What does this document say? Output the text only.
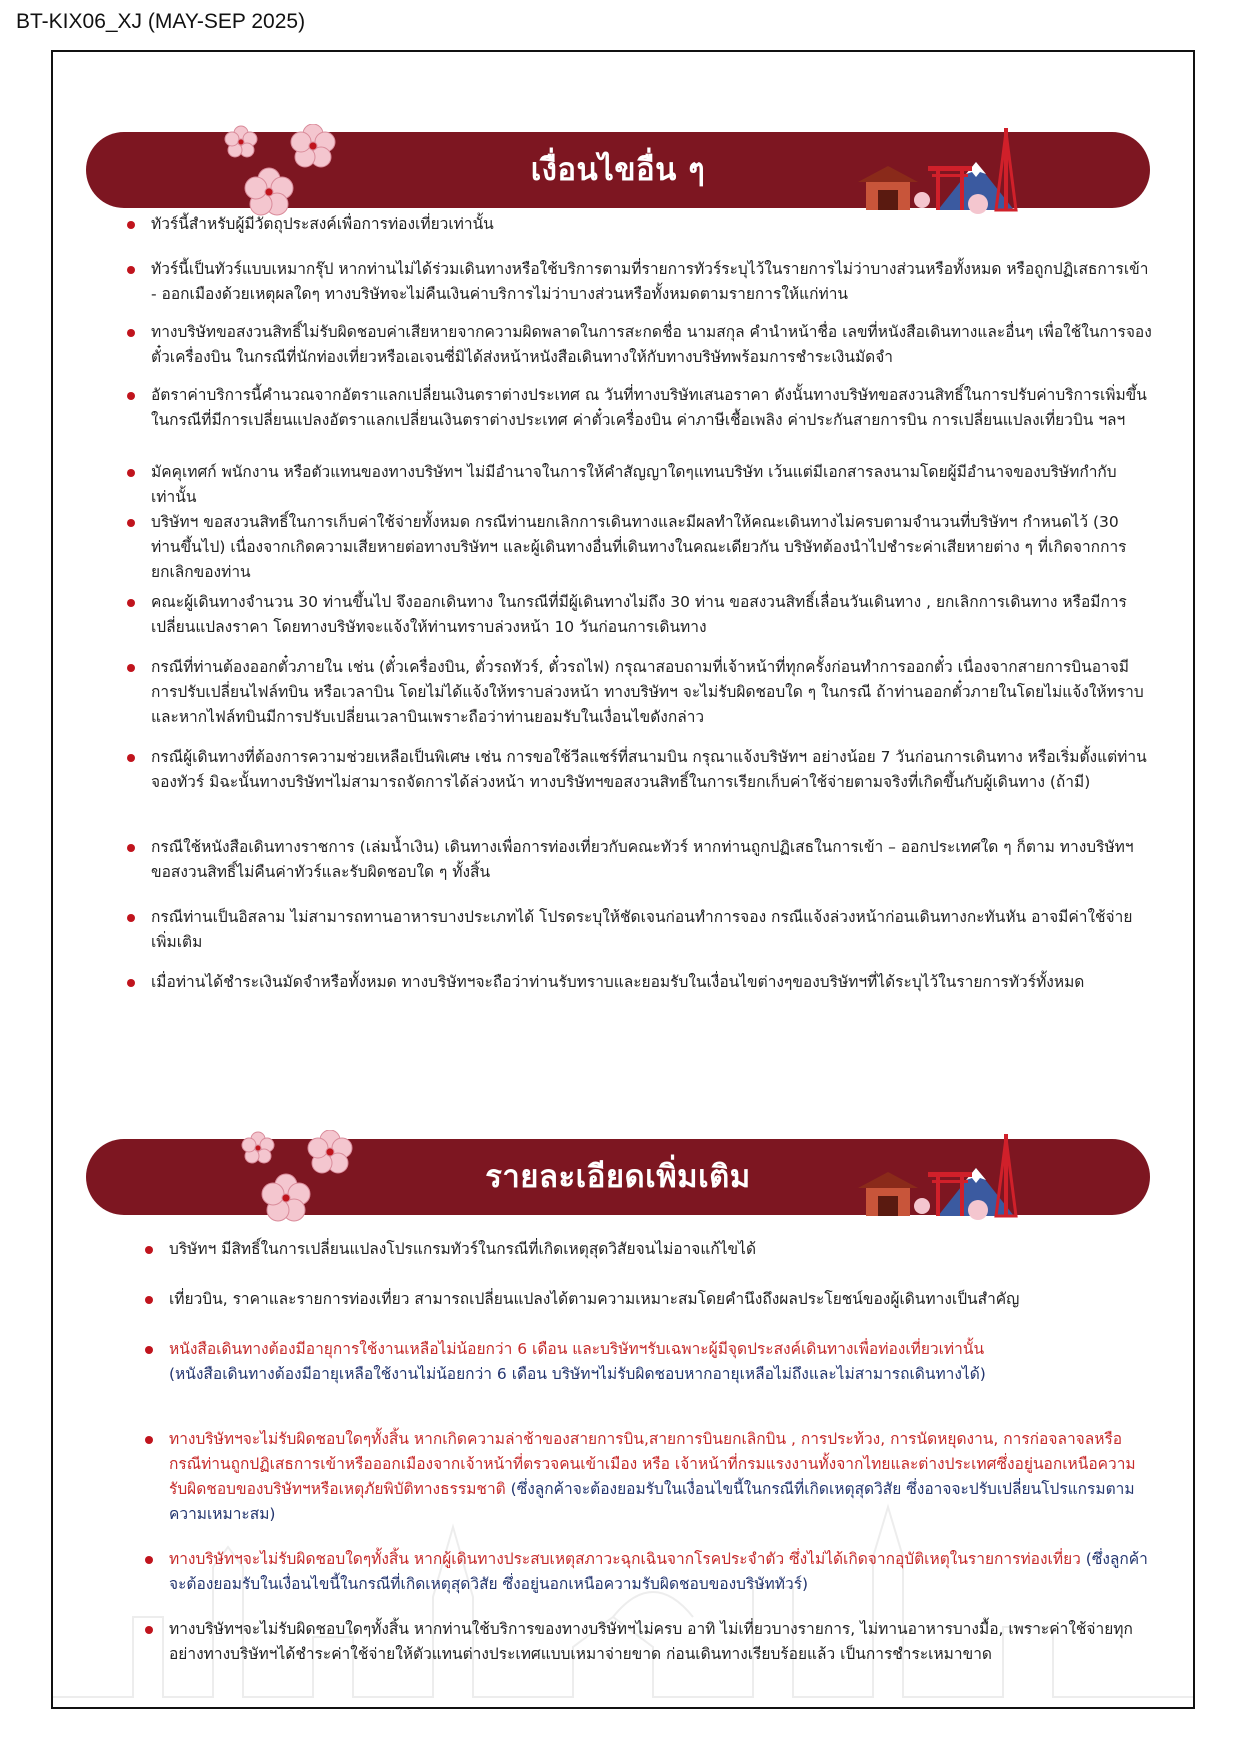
BT-KIX06_XJ (MAY-SEP 2025)
เงื่อนไขอื่น ๆ
ทัวร์นี้สำหรับผู้มีวัตถุประสงค์เพื่อการท่องเที่ยวเท่านั้น
ทัวร์นี้เป็นทัวร์แบบเหมากรุ๊ป หากท่านไม่ได้ร่วมเดินทางหรือใช้บริการตามที่รายการทัวร์ระบุไว้ในรายการไม่ว่าบางส่วนหรือทั้งหมด หรือถูกปฏิเสธการเข้า - ออกเมืองด้วยเหตุผลใดๆ ทางบริษัทจะไม่คืนเงินค่าบริการไม่ว่าบางส่วนหรือทั้งหมดตามรายการให้แก่ท่าน
ทางบริษัทขอสงวนสิทธิ์ไม่รับผิดชอบค่าเสียหายจากความผิดพลาดในการสะกดชื่อ นามสกุล คำนำหน้าชื่อ เลขที่หนังสือเดินทางและอื่นๆ เพื่อใช้ในการจองตั๋วเครื่องบิน ในกรณีที่นักท่องเที่ยวหรือเอเจนซี่มิได้ส่งหน้าหนังสือเดินทางให้กับทางบริษัทพร้อมการชำระเงินมัดจำ
อัตราค่าบริการนี้คำนวณจากอัตราแลกเปลี่ยนเงินตราต่างประเทศ ณ วันที่ทางบริษัทเสนอราคา ดังนั้นทางบริษัทขอสงวนสิทธิ์ในการปรับค่าบริการเพิ่มขึ้น ในกรณีที่มีการเปลี่ยนแปลงอัตราแลกเปลี่ยนเงินตราต่างประเทศ ค่าตั๋วเครื่องบิน ค่าภาษีเชื้อเพลิง ค่าประกันสายการบิน การเปลี่ยนแปลงเที่ยวบิน ฯลฯ
มัคคุเทศก์ พนักงาน หรือตัวแทนของทางบริษัทฯ ไม่มีอำนาจในการให้คำสัญญาใดๆแทนบริษัท เว้นแต่มีเอกสารลงนามโดยผู้มีอำนาจของบริษัทกำกับเท่านั้น
บริษัทฯ ขอสงวนสิทธิ์ในการเก็บค่าใช้จ่ายทั้งหมด กรณีท่านยกเลิกการเดินทางและมีผลทำให้คณะเดินทางไม่ครบตามจำนวนที่บริษัทฯ กำหนดไว้ (30 ท่านขึ้นไป) เนื่องจากเกิดความเสียหายต่อทางบริษัทฯ และผู้เดินทางอื่นที่เดินทางในคณะเดียวกัน บริษัทต้องนำไปชำระค่าเสียหายต่าง ๆ ที่เกิดจากการยกเลิกของท่าน
คณะผู้เดินทางจำนวน 30 ท่านขึ้นไป จึงออกเดินทาง ในกรณีที่มีผู้เดินทางไม่ถึง 30 ท่าน ขอสงวนสิทธิ์เลื่อนวันเดินทาง , ยกเลิกการเดินทาง หรือมีการเปลี่ยนแปลงราคา โดยทางบริษัทจะแจ้งให้ท่านทราบล่วงหน้า 10 วันก่อนการเดินทาง
กรณีที่ท่านต้องออกตั๋วภายใน เช่น (ตั๋วเครื่องบิน, ตั๋วรถทัวร์, ตั๋วรถไฟ) กรุณาสอบถามที่เจ้าหน้าที่ทุกครั้งก่อนทำการออกตั๋ว เนื่องจากสายการบินอาจมีการปรับเปลี่ยนไฟล์ทบิน หรือเวลาบิน โดยไม่ได้แจ้งให้ทราบล่วงหน้า ทางบริษัทฯ จะไม่รับผิดชอบใด ๆ ในกรณี ถ้าท่านออกตั๋วภายในโดยไม่แจ้งให้ทราบและหากไฟล์ทบินมีการปรับเปลี่ยนเวลาบินเพราะถือว่าท่านยอมรับในเงื่อนไขดังกล่าว
กรณีผู้เดินทางที่ต้องการความช่วยเหลือเป็นพิเศษ เช่น การขอใช้วีลแชร์ที่สนามบิน กรุณาแจ้งบริษัทฯ อย่างน้อย 7 วันก่อนการเดินทาง หรือเริ่มตั้งแต่ท่านจองทัวร์ มิฉะนั้นทางบริษัทฯไม่สามารถจัดการได้ล่วงหน้า ทางบริษัทฯขอสงวนสิทธิ์ในการเรียกเก็บค่าใช้จ่ายตามจริงที่เกิดขึ้นกับผู้เดินทาง (ถ้ามี)
กรณีใช้หนังสือเดินทางราชการ (เล่มน้ำเงิน) เดินทางเพื่อการท่องเที่ยวกับคณะทัวร์ หากท่านถูกปฏิเสธในการเข้า – ออกประเทศใด ๆ ก็ตาม ทางบริษัทฯ ขอสงวนสิทธิ์ไม่คืนค่าทัวร์และรับผิดชอบใด ๆ ทั้งสิ้น
กรณีท่านเป็นอิสลาม ไม่สามารถทานอาหารบางประเภทได้ โปรดระบุให้ชัดเจนก่อนทำการจอง กรณีแจ้งล่วงหน้าก่อนเดินทางกะทันหัน อาจมีค่าใช้จ่ายเพิ่มเติม
เมื่อท่านได้ชำระเงินมัดจำหรือทั้งหมด ทางบริษัทฯจะถือว่าท่านรับทราบและยอมรับในเงื่อนไขต่างๆของบริษัทฯที่ได้ระบุไว้ในรายการทัวร์ทั้งหมด
รายละเอียดเพิ่มเติม
บริษัทฯ มีสิทธิ์ในการเปลี่ยนแปลงโปรแกรมทัวร์ในกรณีที่เกิดเหตุสุดวิสัยจนไม่อาจแก้ไขได้
เที่ยวบิน, ราคาและรายการท่องเที่ยว สามารถเปลี่ยนแปลงได้ตามความเหมาะสมโดยคำนึงถึงผลประโยชน์ของผู้เดินทางเป็นสำคัญ
หนังสือเดินทางต้องมีอายุการใช้งานเหลือไม่น้อยกว่า 6 เดือน และบริษัทฯรับเฉพาะผู้มีจุดประสงค์เดินทางเพื่อท่องเที่ยวเท่านั้น
(หนังสือเดินทางต้องมีอายุเหลือใช้งานไม่น้อยกว่า 6 เดือน บริษัทฯไม่รับผิดชอบหากอายุเหลือไม่ถึงและไม่สามารถเดินทางได้)
ทางบริษัทฯจะไม่รับผิดชอบใดๆทั้งสิ้น หากเกิดความล่าช้าของสายการบิน,สายการบินยกเลิกบิน , การประท้วง, การนัดหยุดงาน, การก่อจลาจลหรือกรณีท่านถูกปฏิเสธการเข้าหรือออกเมืองจากเจ้าหน้าที่ตรวจคนเข้าเมือง หรือ เจ้าหน้าที่กรมแรงงานทั้งจากไทยและต่างประเทศซึ่งอยู่นอกเหนือความรับผิดชอบของบริษัทฯหรือเหตุภัยพิบัติทางธรรมชาติ (ซึ่งลูกค้าจะต้องยอมรับในเงื่อนไขนี้ในกรณีที่เกิดเหตุสุดวิสัย ซึ่งอาจจะปรับเปลี่ยนโปรแกรมตามความเหมาะสม)
ทางบริษัทฯจะไม่รับผิดชอบใดๆทั้งสิ้น หากผู้เดินทางประสบเหตุสภาวะฉุกเฉินจากโรคประจำตัว ซึ่งไม่ได้เกิดจากอุบัติเหตุในรายการท่องเที่ยว (ซึ่งลูกค้าจะต้องยอมรับในเงื่อนไขนี้ในกรณีที่เกิดเหตุสุดวิสัย ซึ่งอยู่นอกเหนือความรับผิดชอบของบริษัททัวร์)
ทางบริษัทฯจะไม่รับผิดชอบใดๆทั้งสิ้น หากท่านใช้บริการของทางบริษัทฯไม่ครบ อาทิ ไม่เที่ยวบางรายการ, ไม่ทานอาหารบางมื้อ, เพราะค่าใช้จ่ายทุกอย่างทางบริษัทฯได้ชำระค่าใช้จ่ายให้ตัวแทนต่างประเทศแบบเหมาจ่ายขาด ก่อนเดินทางเรียบร้อยแล้ว เป็นการชำระเหมาขาด
